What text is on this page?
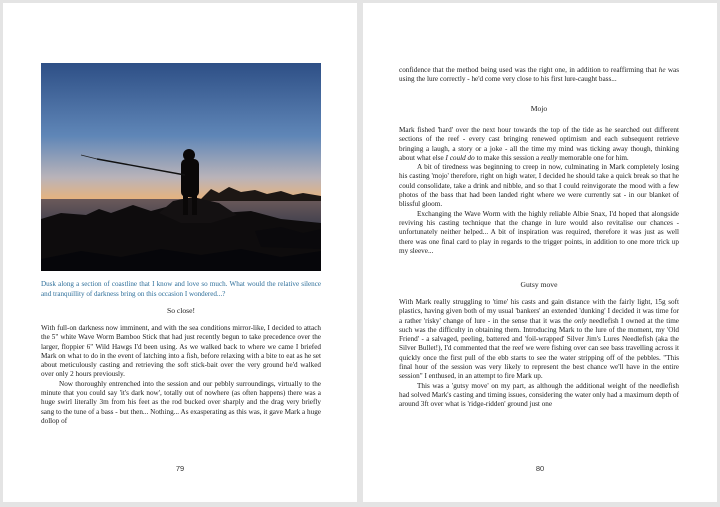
Dusk along a section of coastline that I know and love so much. What would the relative silence and tranquillity of darkness bring on this occasion I wondered...?
So close!

With full-on darkness now imminent, and with the sea conditions mirror-like, I decided to attach the 5" white Wave Worm Bamboo Stick that had just recently begun to take precedence over the larger, floppier 6" Wild Hawgs I'd been using. As we walked back to where we came I briefed Mark on what to do in the event of latching into a fish, before relaxing with a bite to eat as he set about meticulously casting and retrieving the soft stick-bait over the very ground he'd walked over only 2 hours previously.

Now thoroughly entrenched into the session and our pebbly surroundings, virtually to the minute that you could say 'it's dark now', totally out of nowhere (as often happens) there was a huge swirl literally 3m from his feet as the rod bucked over sharply and the drag very briefly sang to the tune of a bass - but then... Nothing... As exasperating as this was, it gave Mark a huge dollop of

79

confidence that the method being used was the right one, in addition to reaffirming that he was using the lure correctly - he'd come very close to his first lure-caught bass...

Mojo

Mark fished 'hard' over the next hour towards the top of the tide as he searched out different sections of the reef - every cast bringing renewed optimism and each subsequent retrieve bringing a laugh, a story or a joke - all the time my mind was ticking away though, thinking about what else I could do to make this session a really memorable one for him.

A bit of tiredness was beginning to creep in now, culminating in Mark completely losing his casting 'mojo' therefore, right on high water, I decided he should take a quick break so that he could consolidate, take a drink and nibble, and so that I could reinvigorate the mood with a few photos of the bass that had been landed right where we were currently sat - in our blanket of blissful gloom.

Exchanging the Wave Worm with the highly reliable Albie Snax, I'd hoped that alongside reviving his casting technique that the change in lure would also revitalise our chances - unfortunately neither helped... A bit of inspiration was required, therefore it was just as well there was one final card to play in regards to the trigger points, in addition to one more trick up my sleeve...

Gutsy move

With Mark really struggling to 'time' his casts and gain distance with the fairly light, 15g soft plastics, having given both of my usual 'bankers' an extended 'dunking' I decided it was time for a rather 'risky' change of lure - in the sense that it was the only needlefish I owned at the time such was the difficulty in obtaining them. Introducing Mark to the lure of the moment, my 'Old Friend' - a salvaged, peeling, battered and 'foil-wrapped' Silver Jim's Lures Needlefish (aka the Silver Bullet!), I'd commented that the reef we were fishing over can see bass travelling across it quickly once the first pull of the ebb starts to see the water stripping off of the pebbles. "This final hour of the session was very likely to represent the best chance we'll have in the entire session" I enthused, in an attempt to fire Mark up.

This was a 'gutsy move' on my part, as although the additional weight of the needlefish had solved Mark's casting and timing issues, considering the water only had a maximum depth of around 3ft over what is 'ridge-ridden' ground just one

80
